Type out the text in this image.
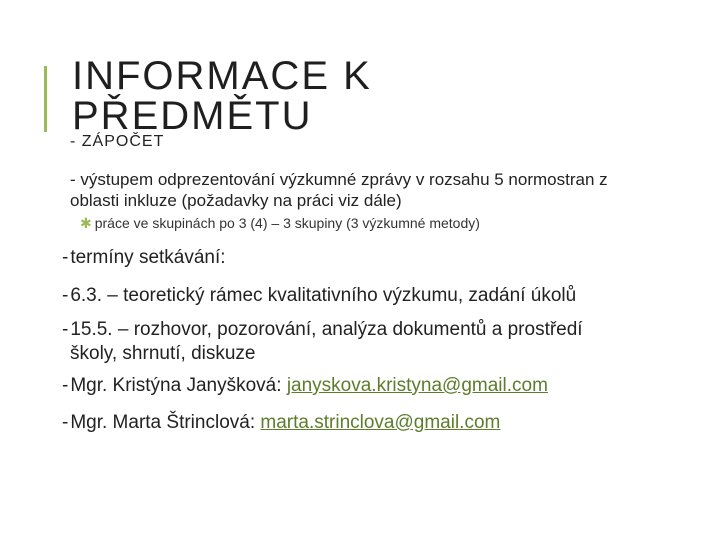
INFORMACE K
PŘEDMĚTU
- ZÁPOČET
- výstupem odprezentování výzkumné zprávy v rozsahu 5 normostran z oblasti inkluze (požadavky na práci viz dále)
✱ práce ve skupinách po 3 (4) – 3 skupiny (3 výzkumné metody)
- termíny setkávání:
- 6.3. – teoretický rámec kvalitativního výzkumu, zadání úkolů
- 15.5. – rozhovor, pozorování, analýza dokumentů a prostředí
školy, shrnutí, diskuze
- Mgr. Kristýna Janyšková: janyskova.kristyna@gmail.com
- Mgr. Marta Štrinclová: marta.strinclova@gmail.com
